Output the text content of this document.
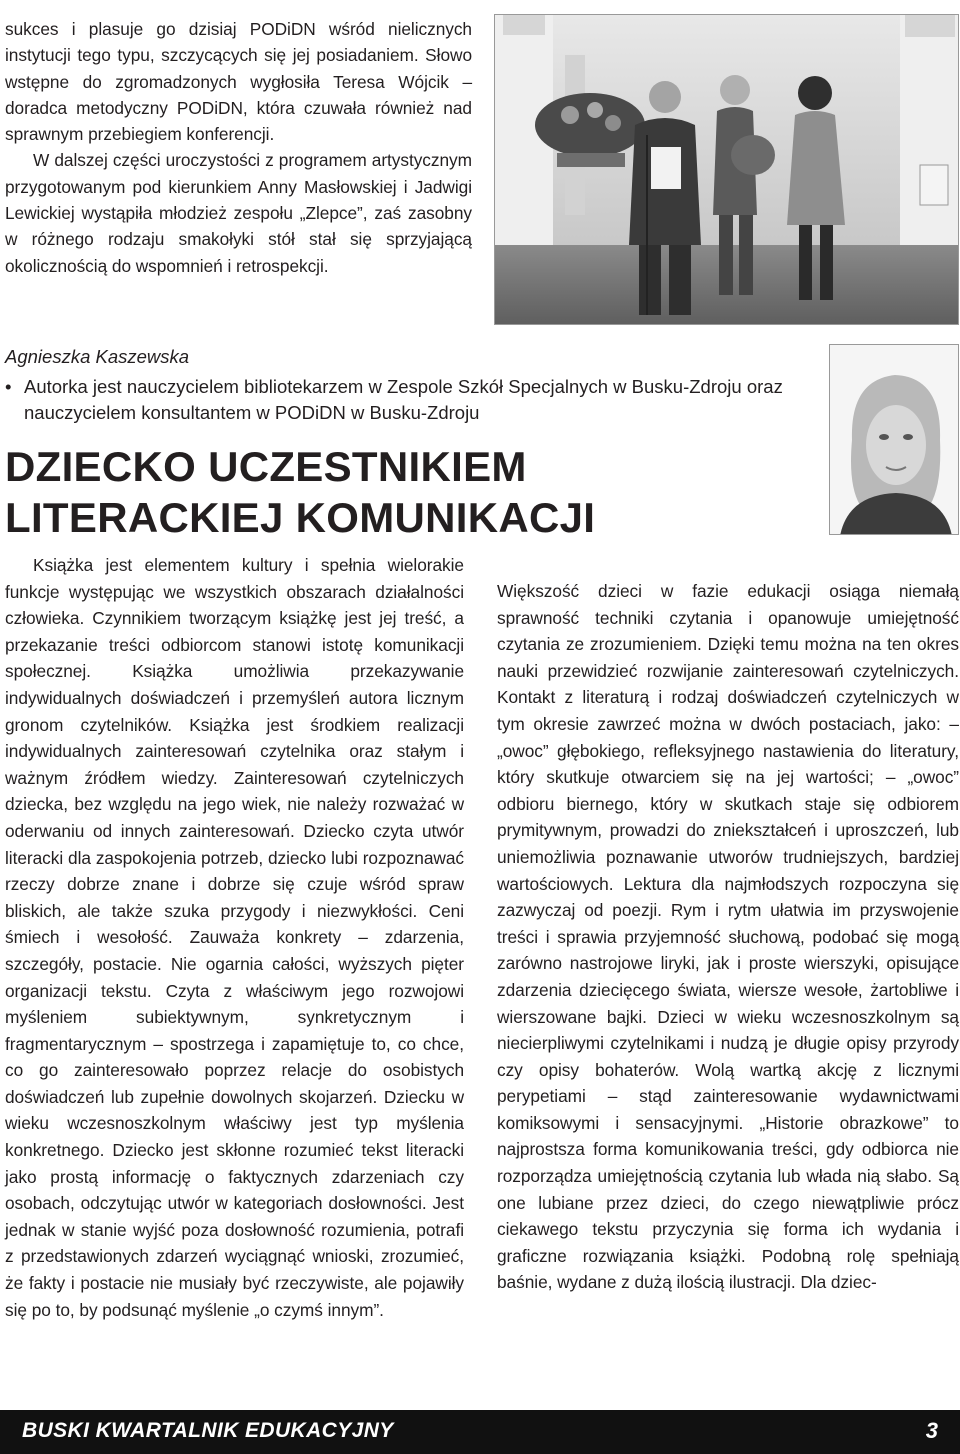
sukces i plasuje go dzisiaj PODiDN wśród nielicznych instytucji tego typu, szczycących się jej posiadaniem. Słowo wstępne do zgromadzonych wygłosiła Teresa Wójcik – doradca metodyczny PODiDN, która czuwała również nad sprawnym przebiegiem konferencji.

W dalszej części uroczystości z programem artystycznym przygotowanym pod kierunkiem Anny Masłowskiej i Jadwigi Lewickiej wystąpiła młodzież zespołu „Zlepce”, zaś zasobny w różnego rodzaju smakołyki stół stał się sprzyjającą okolicznością do wspomnień i retrospekcji.

Agnieszka Kaszewska
• Autorka jest nauczycielem bibliotekarzem w Zespole Szkół Specjalnych w Busku-Zdroju oraz nauczycielem konsultantem w PODiDN w Busku-Zdroju
DZIECKO UCZESTNIKIEM
LITERACKIEJ KOMUNIKACJI

Książka jest elementem kultury i spełnia wielorakie funkcje występując we wszystkich obszarach działalności człowieka. Czynnikiem tworzącym książkę jest jej treść, a przekazanie treści odbiorcom stanowi istotę komunikacji społecznej. Książka umożliwia przekazywanie indywidualnych doświadczeń i przemyśleń autora licznym gronom czytelników. Książka jest środkiem realizacji indywidualnych zainteresowań czytelnika oraz stałym i ważnym źródłem wiedzy. Zainteresowań czytelniczych dziecka, bez względu na jego wiek, nie należy rozważać w oderwaniu od innych zainteresowań. Dziecko czyta utwór literacki dla zaspokojenia potrzeb, dziecko lubi rozpoznawać rzeczy dobrze znane i dobrze się czuje wśród spraw bliskich, ale także szuka przygody i niezwykłości. Ceni śmiech i wesołość. Zauważa konkrety – zdarzenia, szczegóły, postacie. Nie ogarnia całości, wyższych pięter organizacji tekstu. Czyta z właściwym jego rozwojowi myśleniem subiektywnym, synkretycznym i fragmentarycznym – spostrzega i zapamiętuje to, co chce, co go zainteresowało poprzez relacje do osobistych doświadczeń lub zupełnie dowolnych skojarzeń. Dziecku w wieku wczesnoszkolnym właściwy jest typ myślenia konkretnego. Dziecko jest skłonne rozumieć tekst literacki jako prostą informację o faktycznych zdarzeniach czy osobach, odczytując utwór w kategoriach dosłowności. Jest jednak w stanie wyjść poza dosłowność rozumienia, potrafi z przedstawionych zdarzeń wyciągnąć wnioski, zrozumieć, że fakty i postacie nie musiały być rzeczywiste, ale pojawiły się po to, by podsunąć myślenie „o czymś innym”.

Większość dzieci w fazie edukacji osiąga niemałą sprawność techniki czytania i opanowuje umiejętność czytania ze zrozumieniem. Dzięki temu można na ten okres nauki przewidzieć rozwijanie zainteresowań czytelniczych. Kontakt z literaturą i rodzaj doświadczeń czytelniczych w tym okresie zawrzeć można w dwóch postaciach, jako: – „owoc” głębokiego, refleksyjnego nastawienia do literatury, który skutkuje otwarciem się na jej wartości; – „owoc” odbioru biernego, który w skutkach staje się odbiorem prymitywnym, prowadzi do zniekształceń i uproszczeń, lub uniemożliwia poznawanie utworów trudniejszych, bardziej wartościowych. Lektura dla najmłodszych rozpoczyna się zazwyczaj od poezji. Rym i rytm ułatwia im przyswojenie treści i sprawia przyjemność słuchową, podobać się mogą zarówno nastrojowe liryki, jak i proste wierszyki, opisujące zdarzenia dziecięcego świata, wiersze wesołe, żartobliwe i wierszowane bajki. Dzieci w wieku wczesnoszkolnym są niecierpliwymi czytelnikami i nudzą je długie opisy przyrody czy opisy bohaterów. Wolą wartką akcję z licznymi perypetiami – stąd zainteresowanie wydawnictwami komiksowymi i sensacyjnymi. „Historie obrazkowe” to najprostsza forma komunikowania treści, gdy odbiorca nie rozporządza umiejętnością czytania lub włada nią słabo. Są one lubiane przez dzieci, do czego niewątpliwie prócz ciekawego tekstu przyczynia się forma ich wydania i graficzne rozwiązania książki. Podobną rolę spełniają baśnie, wydane z dużą ilością ilustracji. Dla dziec-

BUSKI KWARTALNIK EDUKACYJNY	3
